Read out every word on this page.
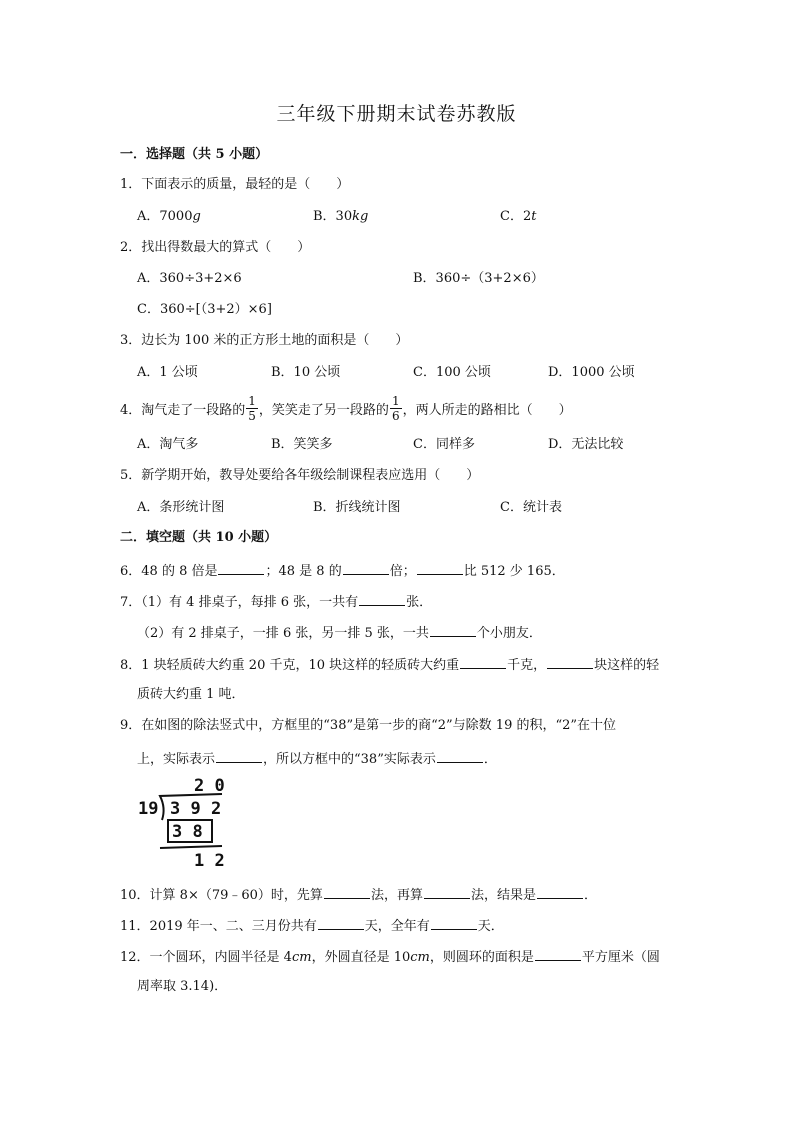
三年级下册期末试卷苏教版
一．选择题（共 5 小题）
1．下面表示的质量，最轻的是（　　）
A．7000g	B．30kg	C．2t
2．找出得数最大的算式（　　）
A．360÷3+2×6	B．360÷（3+2×6）
C．360÷[（3+2）×6]
3．边长为 100 米的正方形土地的面积是（　　）
A．1 公顷	B．10 公顷	C．100 公顷	D．1000 公顷
4．淘气走了一段路的 $\frac{1}{5}$ ，笑笑走了另一段路的 $\frac{1}{6}$ ，两人所走的路相比（　　）
A．淘气多	B．笑笑多	C．同样多	D．无法比较
5．新学期开始，教导处要给各年级绘制课程表应选用（　　）
A．条形统计图	B．折线统计图	C．统计表
二．填空题（共 10 小题）
6．48 的 8 倍是	；48 是 8 的	倍；	比 512 少 165．
7．（1）有 4 排桌子，每排 6 张，一共有	张．
（2）有 2 排桌子，一排 6 张，另一排 5 张，一共	个小朋友．
8．1 块轻质砖大约重 20 千克，10 块这样的轻质砖大约重	千克，	块这样的轻
质砖大约重 1 吨．
9．在如图的除法竖式中，方框里的“38”是第一步的商“2”与除数 19 的积，“2”在十位
上，实际表示	，所以方框中的“38”实际表示	．
2 0
19 3 9 2
3 8
1 2
10．计算 8×（79﹣60）时，先算	法，再算	法，结果是	．
11．2019 年一、二、三月份共有	天，全年有	天．
12．一个圆环，内圆半径是 4cm，外圆直径是 10cm，则圆环的面积是	平方厘米（圆
周率取 3.14)．
